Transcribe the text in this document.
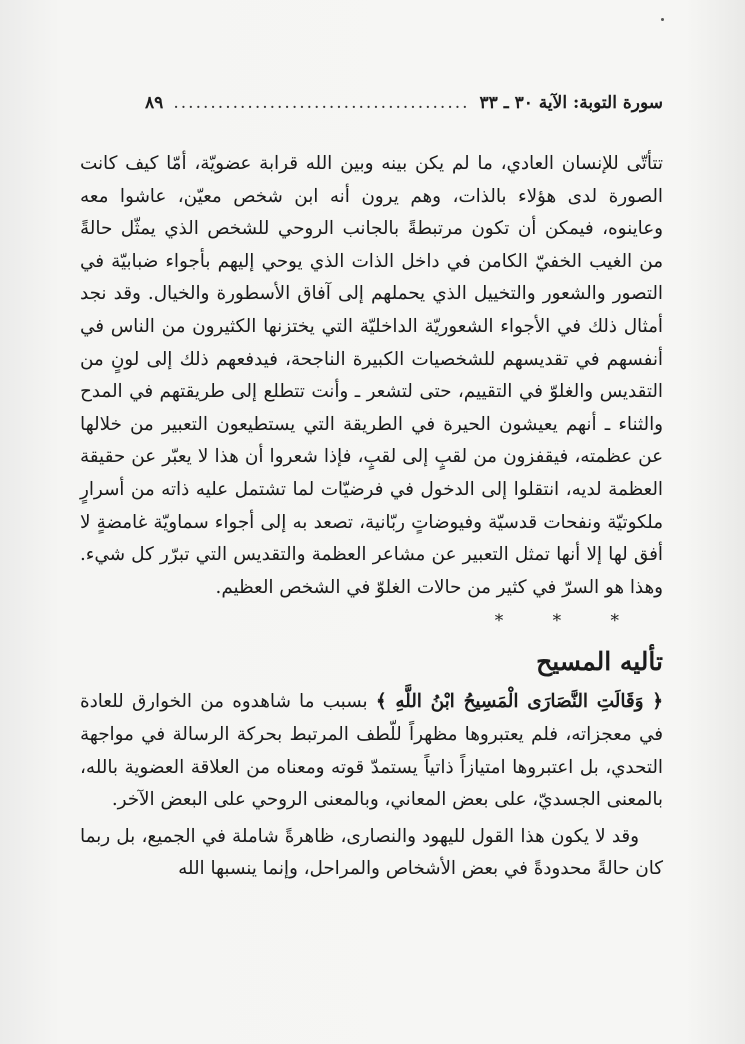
سورة التوبة: الآية ٣٠ ـ ٣٣
.....
٨٩

تتأتّى للإنسان العادي، ما لم يكن بينه وبين الله قرابة عضويّة، أمّا كيف كانت الصورة لدى هؤلاء بالذات، وهم يرون أنه ابن شخص معيّن، عاشوا معه وعاينوه، فيمكن أن تكون مرتبطةً بالجانب الروحي للشخص الذي يمثّل حالةً من الغيب الخفيّ الكامن في داخل الذات الذي يوحي إليهم بأجواء ضبابيّة في التصور والشعور والتخييل الذي يحملهم إلى آفاق الأسطورة والخيال. وقد نجد أمثال ذلك في الأجواء الشعوريّة الداخليّة التي يختزنها الكثيرون من الناس في أنفسهم في تقديسهم للشخصيات الكبيرة الناجحة، فيدفعهم ذلك إلى لونٍ من التقديس والغلوّ في التقييم، حتى لتشعر ـ وأنت تتطلع إلى طريقتهم في المدح والثناء ـ أنهم يعيشون الحيرة في الطريقة التي يستطيعون التعبير من خلالها عن عظمته، فيقفزون من لقبٍ إلى لقبٍ، فإذا شعروا أن هذا لا يعبّر عن حقيقة العظمة لديه، انتقلوا إلى الدخول في فرضيّات لما تشتمل عليه ذاته من أسرارٍ ملكوتيّة ونفحات قدسيّة وفيوضاتٍ ربّانية، تصعد به إلى أجواء سماويّة غامضةٍ لا أفق لها إلا أنها تمثل التعبير عن مشاعر العظمة والتقديس التي تبرّر كل شيء. وهذا هو السرّ في كثير من حالات الغلوّ في الشخص العظيم.

* * *
تأليه المسيح

﴿ وَقَالَتِ النَّصَارَى الْمَسِيحُ ابْنُ اللَّهِ ﴾ بسبب ما شاهدوه من الخوارق للعادة في معجزاته، فلم يعتبروها مظهراً للّطف المرتبط بحركة الرسالة في مواجهة التحدي، بل اعتبروها امتيازاً ذاتياً يستمدّ قوته ومعناه من العلاقة العضوية بالله، بالمعنى الجسديّ، على بعض المعاني، وبالمعنى الروحي على البعض الآخر.

وقد لا يكون هذا القول لليهود والنصارى، ظاهرةً شاملة في الجميع، بل ربما كان حالةً محدودةً في بعض الأشخاص والمراحل، وإنما ينسبها الله
